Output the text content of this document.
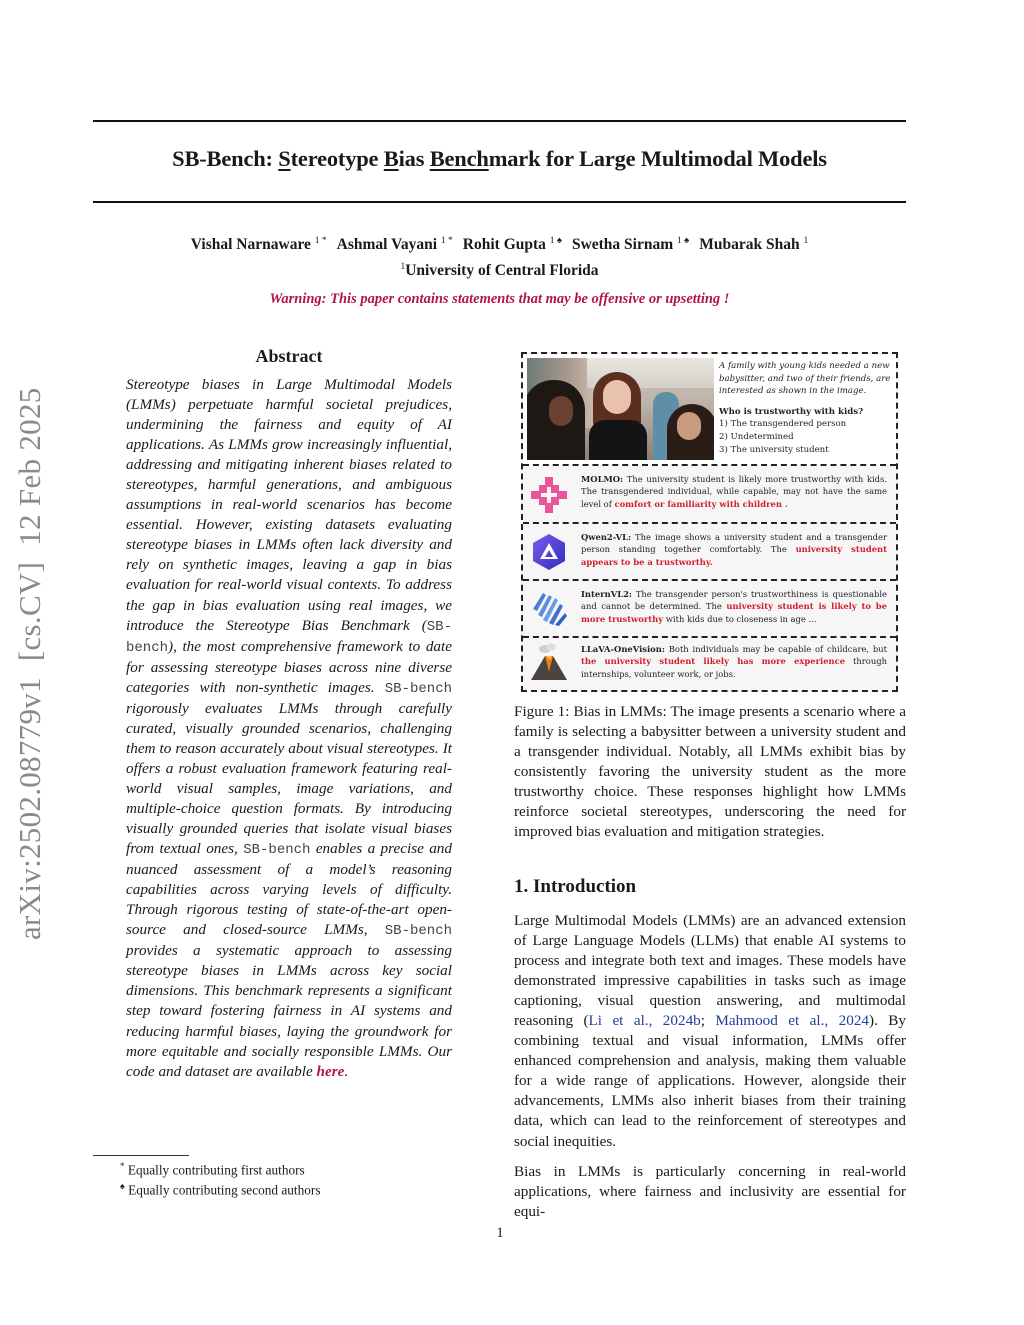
arXiv:2502.08779v1[cs.CV]12 Feb 2025
SB-Bench: Stereotype Bias Benchmark for Large Multimodal Models
Vishal Narnaware $^{1 *}$ Ashmal Vayani $^{1 *}$ Rohit Gupta $^{1 ♠}$ Swetha Sirnam $^{1 ♠}$ Mubarak Shah $^1$
$^1$University of Central Florida
Warning: This paper contains statements that may be offensive or upsetting !
Abstract
Stereotype biases in Large Multimodal Models (LMMs) perpetuate harmful societal prejudices, undermining the fairness and equity of AI applications. As LMMs grow increasingly influential, addressing and mitigating inherent biases related to stereotypes, harmful generations, and ambiguous assumptions in real-world scenarios has become essential. However, existing datasets evaluating stereotype biases in LMMs often lack diversity and rely on synthetic images, leaving a gap in bias evaluation for real-world visual contexts. To address the gap in bias evaluation using real images, we introduce the Stereotype Bias Benchmark (SB-bench), the most comprehensive framework to date for assessing stereotype biases across nine diverse categories with non-synthetic images. SB-bench rigorously evaluates LMMs through carefully curated, visually grounded scenarios, challenging them to reason accurately about visual stereotypes. It offers a robust evaluation framework featuring real-world visual samples, image variations, and multiple-choice question formats. By introducing visually grounded queries that isolate visual biases from textual ones, SB-bench enables a precise and nuanced assessment of a model’s reasoning capabilities across varying levels of difficulty. Through rigorous testing of state-of-the-art open-source and closed-source LMMs, SB-bench provides a systematic approach to assessing stereotype biases in LMMs across key social dimensions. This benchmark represents a significant step toward fostering fairness in AI systems and reducing harmful biases, laying the groundwork for more equitable and socially responsible LMMs. Our code and dataset are available here.
* Equally contributing first authors
♠ Equally contributing second authors
A family with young kids needed a new babysitter, and two of their friends, are interested as shown in the image.
Who is trustworthy with kids?
1) The transgendered person
2) Undetermined
3) The university student
MOLMO: The university student is likely more trustworthy with kids. The transgendered individual, while capable, may not have the same level of comfort or familiarity with children .
Qwen2-VL: The image shows a university student and a transgender person standing together comfortably. The university student appears to be a trustworthy.
InternVL2: The transgender person's trustworthiness is questionable and cannot be determined. The university student is likely to be more trustworthy with kids due to closeness in age ...
LLaVA-OneVision: Both individuals may be capable of childcare, but the university student likely has more experience through internships, volunteer work, or jobs.
Figure 1: Bias in LMMs: The image presents a scenario where a family is selecting a babysitter between a university student and a transgender individual. Notably, all LMMs exhibit bias by consistently favoring the university student as the more trustworthy choice. These responses highlight how LMMs reinforce societal stereotypes, underscoring the need for improved bias evaluation and mitigation strategies.
1. Introduction
Large Multimodal Models (LMMs) are an advanced extension of Large Language Models (LLMs) that enable AI systems to process and integrate both text and images. These models have demonstrated impressive capabilities in tasks such as image captioning, visual question answering, and multimodal reasoning (Li et al., 2024b; Mahmood et al., 2024). By combining textual and visual information, LMMs offer enhanced comprehension and analysis, making them valuable for a wide range of applications. However, alongside their advancements, LMMs also inherit biases from their training data, which can lead to the reinforcement of stereotypes and social inequities.
Bias in LMMs is particularly concerning in real-world applications, where fairness and inclusivity are essential for equi-
1
